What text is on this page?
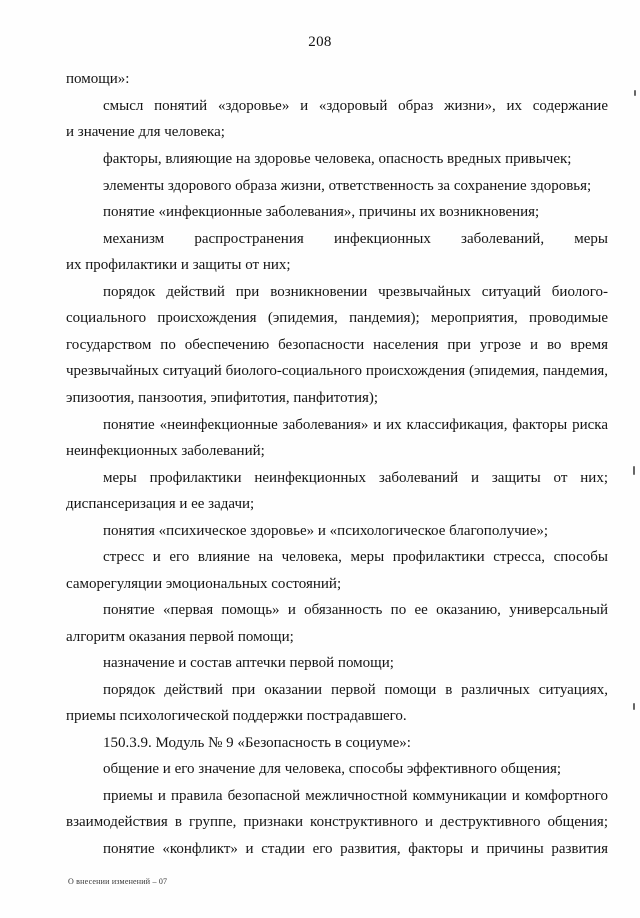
208
помощи»:
смысл понятий «здоровье» и «здоровый образ жизни», их содержание
и значение для человека;
факторы, влияющие на здоровье человека, опасность вредных привычек;
элементы здорового образа жизни, ответственность за сохранение здоровья;
понятие «инфекционные заболевания», причины их возникновения;
механизм распространения инфекционных заболеваний, меры
их профилактики и защиты от них;
порядок действий при возникновении чрезвычайных ситуаций биолого-
социального происхождения (эпидемия, пандемия); мероприятия, проводимые
государством по обеспечению безопасности населения при угрозе и во время
чрезвычайных ситуаций биолого-социального происхождения (эпидемия, пандемия,
эпизоотия, панзоотия, эпифитотия, панфитотия);
понятие «неинфекционные заболевания» и их классификация, факторы риска
неинфекционных заболеваний;
меры профилактики неинфекционных заболеваний и защиты от них;
диспансеризация и ее задачи;
понятия «психическое здоровье» и «психологическое благополучие»;
стресс и его влияние на человека, меры профилактики стресса, способы
саморегуляции эмоциональных состояний;
понятие «первая помощь» и обязанность по ее оказанию, универсальный
алгоритм оказания первой помощи;
назначение и состав аптечки первой помощи;
порядок действий при оказании первой помощи в различных ситуациях,
приемы психологической поддержки пострадавшего.
150.3.9. Модуль № 9 «Безопасность в социуме»:
общение и его значение для человека, способы эффективного общения;
приемы и правила безопасной межличностной коммуникации и комфортного
взаимодействия в группе, признаки конструктивного и деструктивного общения;
понятие «конфликт» и стадии его развития, факторы и причины развития
О внесении изменений – 07
